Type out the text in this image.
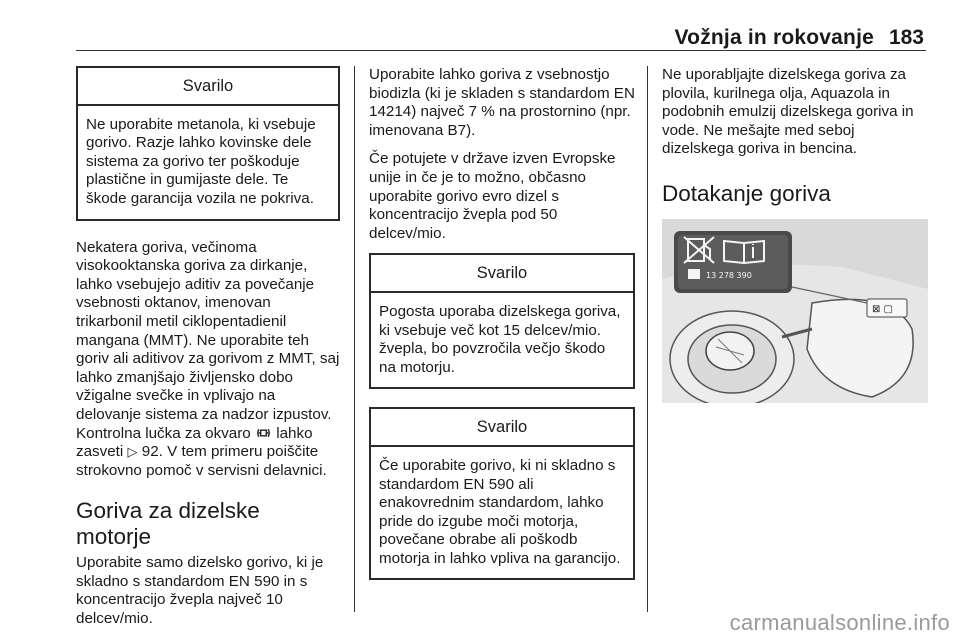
Vožnja in rokovanje 183
Svarilo
Ne uporabite metanola, ki vsebuje gorivo. Razje lahko kovinske dele sistema za gorivo ter poškoduje plastične in gumijaste dele. Te škode garancija vozila ne pokriva.

Nekatera goriva, večinoma visokooktanska goriva za dirkanje, lahko vsebujejo aditiv za povečanje vsebnosti oktanov, imenovan trikarbonil metil ciklopentadienil mangana (MMT). Ne uporabite teh goriv ali aditivov za gorivom z MMT, saj lahko zmanjšajo življensko dobo vžigalne svečke in vplivajo na delovanje sistema za nadzor izpustov. Kontrolna lučka za okvaro lahko zasveti ▷ 92. V tem primeru poiščite strokovno pomoč v servisni delavnici.

Goriva za dizelske motorje

Uporabite samo dizelsko gorivo, ki je skladno s standardom EN 590 in s koncentracijo žvepla največ 10 delcev/mio.

Uporabite lahko goriva z vsebnostjo biodizla (ki je skladen s standardom EN 14214) največ 7 % na prostornino (npr. imenovana B7).

Če potujete v države izven Evropske unije in če je to možno, občasno uporabite gorivo evro dizel s koncentracijo žvepla pod 50 delcev/mio.

Svarilo
Pogosta uporaba dizelskega goriva, ki vsebuje več kot 15 delcev/mio. žvepla, bo povzročila večjo škodo na motorju.
Svarilo
Če uporabite gorivo, ki ni skladno s standardom EN 590 ali enakovrednim standardom, lahko pride do izgube moči motorja, povečane obrabe ali poškodb motorja in lahko vpliva na garancijo.

Ne uporabljajte dizelskega goriva za plovila, kurilnega olja, Aquazola in podobnih emulzij dizelskega goriva in vode. Ne mešajte med seboj dizelskega goriva in bencina.

Dotakanje goriva
⊠ ▢
13 278 390
carmanualsonline.info
